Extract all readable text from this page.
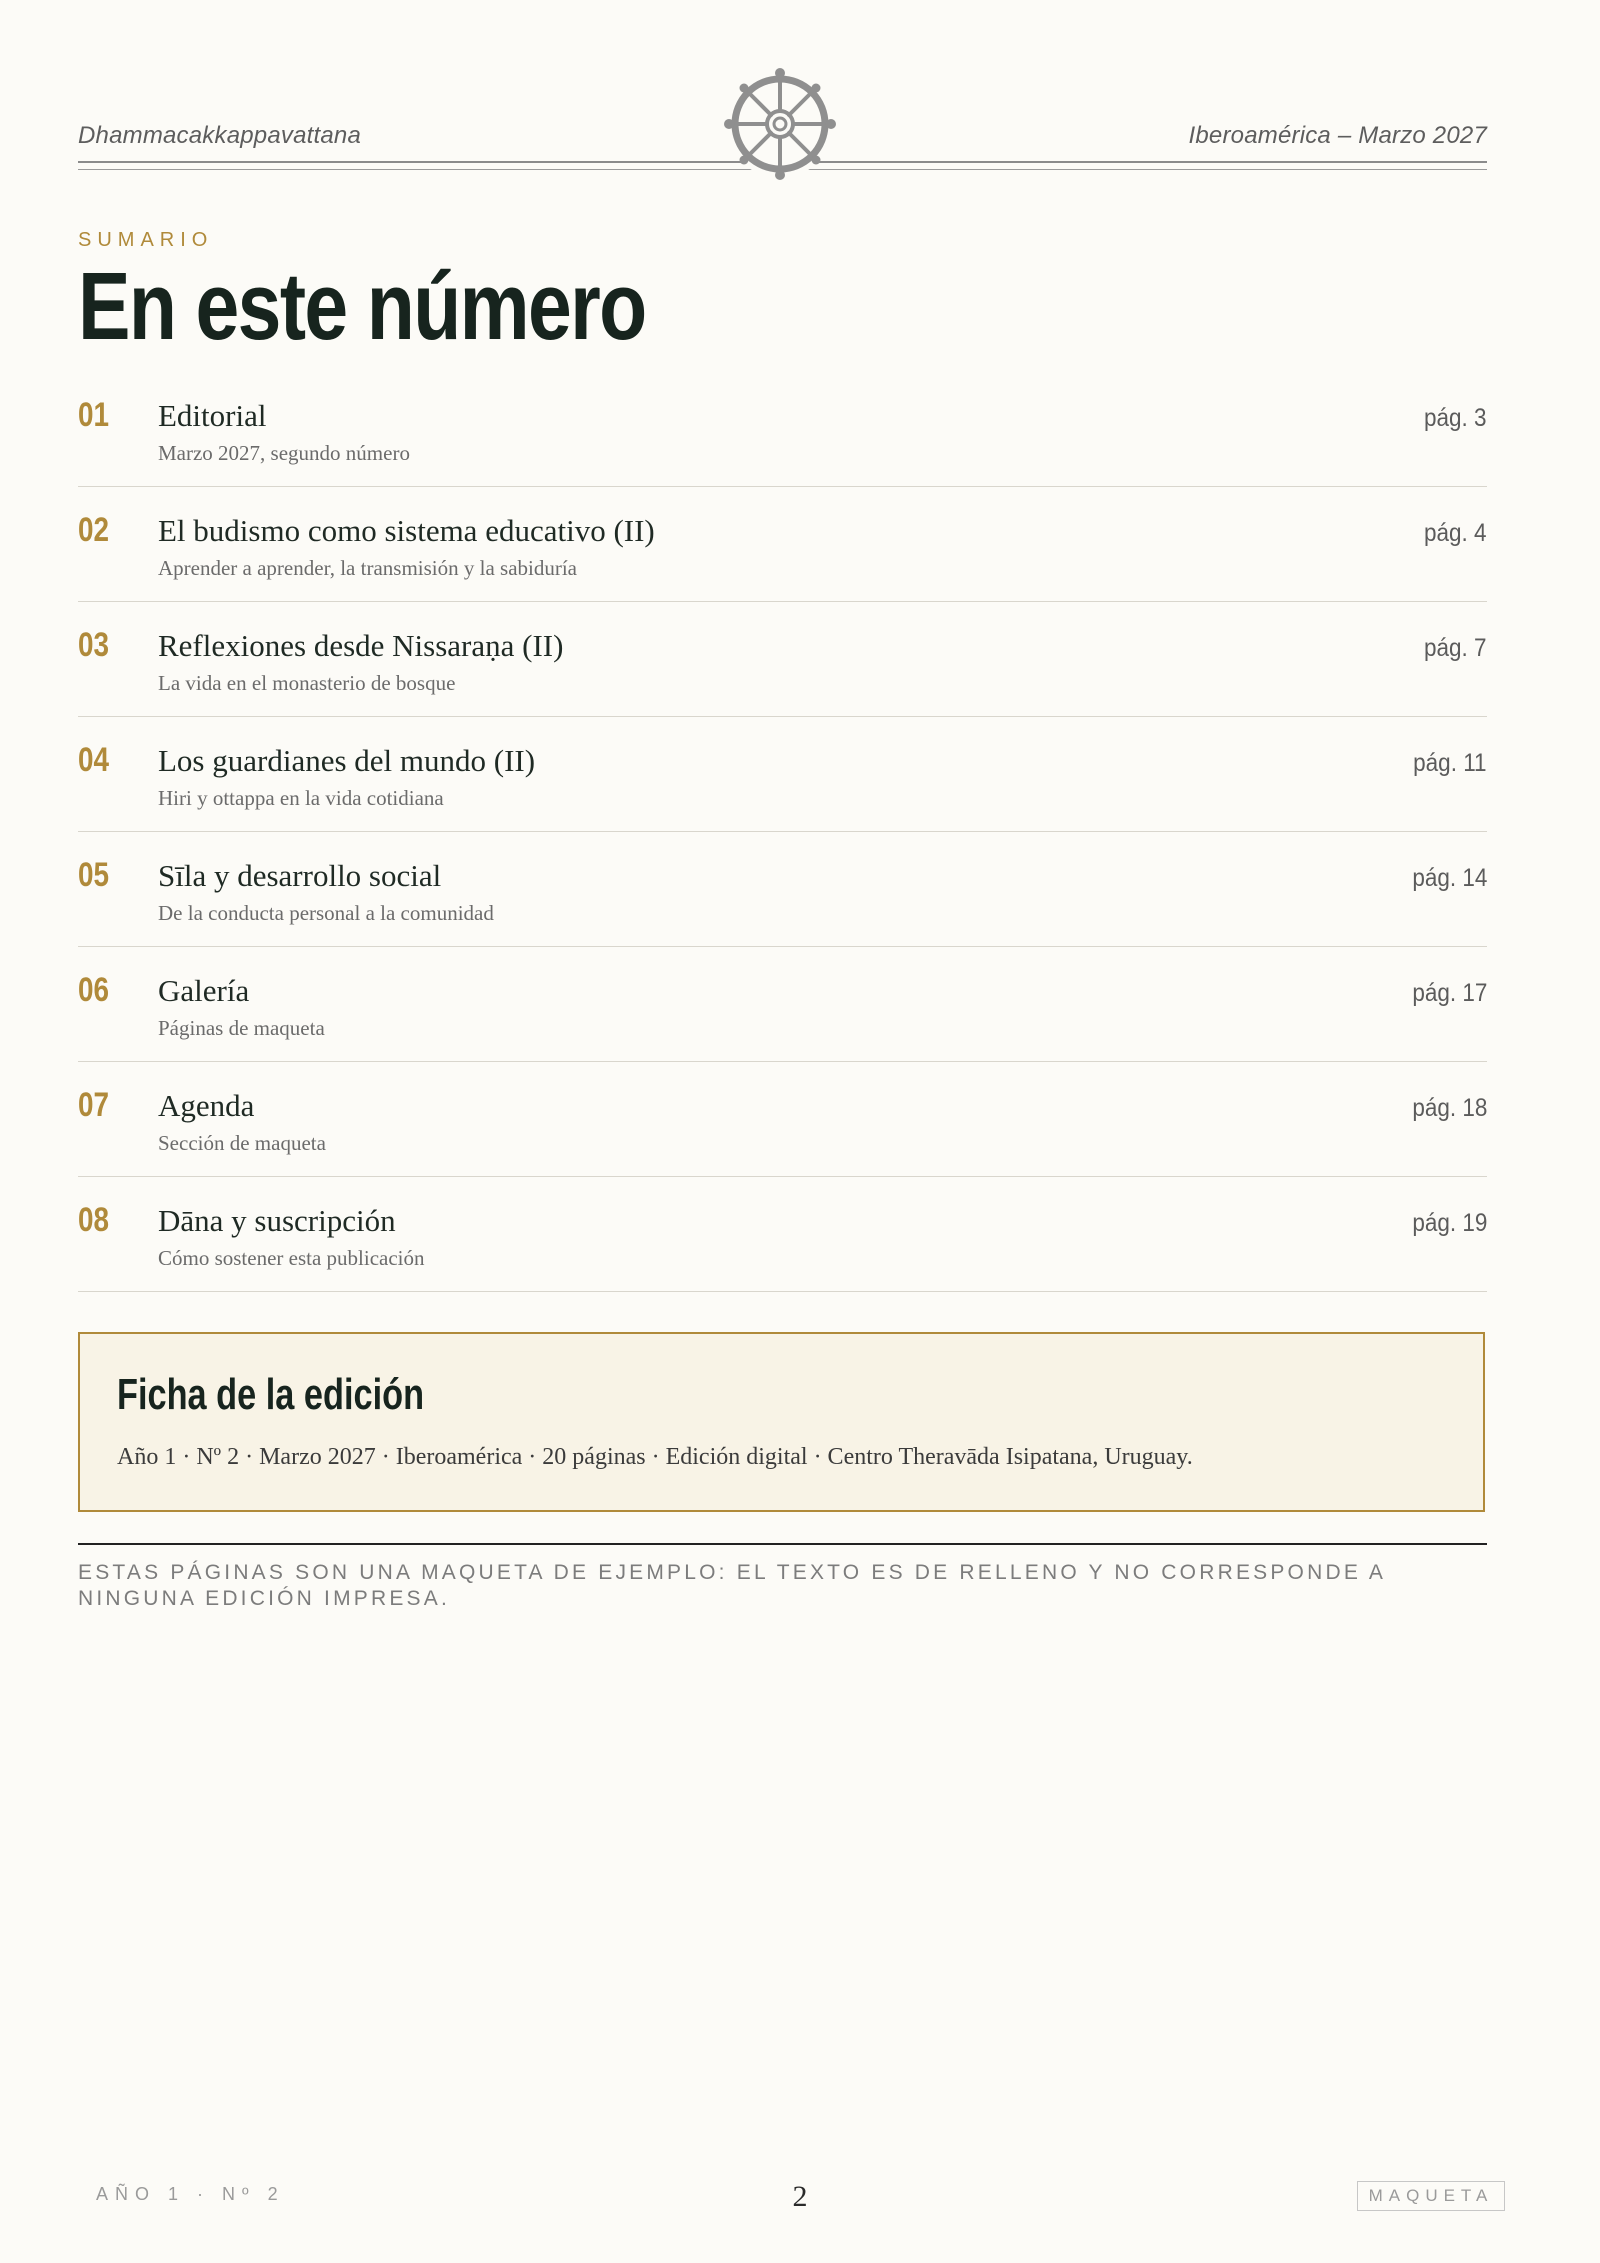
Dhammacakkappavattana	Iberoamérica – Marzo 2027
SUMARIO
En este número
01 Editorial
Marzo 2027, segundo número
pág. 3
02 El budismo como sistema educativo (II)
Aprender a aprender, la transmisión y la sabiduría
pág. 4
03 Reflexiones desde Nissaraṇa (II)
La vida en el monasterio de bosque
pág. 7
04 Los guardianes del mundo (II)
Hiri y ottappa en la vida cotidiana
pág. 11
05 Sīla y desarrollo social
De la conducta personal a la comunidad
pág. 14
06 Galería
Páginas de maqueta
pág. 17
07 Agenda
Sección de maqueta
pág. 18
08 Dāna y suscripción
Cómo sostener esta publicación
pág. 19
Ficha de la edición
Año 1 · Nº 2 · Marzo 2027 · Iberoamérica · 20 páginas · Edición digital · Centro Theravāda Isipatana, Uruguay.
ESTAS PÁGINAS SON UNA MAQUETA DE EJEMPLO: EL TEXTO ES DE RELLENO Y NO CORRESPONDE A NINGUNA EDICIÓN IMPRESA.
AÑO 1 · Nº 2	2	MAQUETA
